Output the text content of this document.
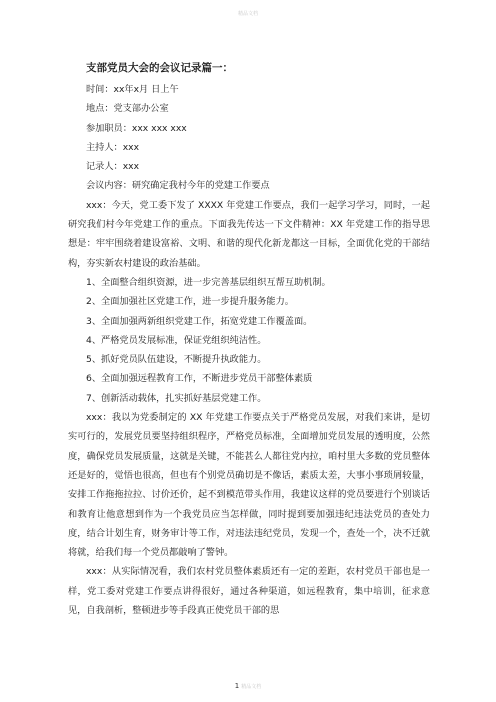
精品文档
支部党员大会的会议记录篇一：
时间：xx年x月 日上午
地点：党支部办公室
参加职员：xxx xxx xxx
主持人：xxx
记录人：xxx
会议内容：研究确定我村今年的党建工作要点

xxx：今天，党工委下发了 XXXX 年党建工作要点，我们一起学习学习，同时，一起研究我们村今年党建工作的重点。下面我先传达一下文件精神：XX 年党建工作的指导思想是：牢牢围绕着建设富裕、文明、和谐的现代化新龙都这一目标，全面优化党的干部结构，夯实新农村建设的政治基础。

1、全面整合组织资源，进一步完善基层组织互帮互助机制。
2、全面加强社区党建工作，进一步提升服务能力。
3、全面加强两新组织党建工作，拓宽党建工作覆盖面。
4、严格党员发展标准，保证党组织纯洁性。
5、抓好党员队伍建设，不断提升执政能力。
6、全面加强远程教育工作，不断进步党员干部整体素质
7、创新活动载体，扎实抓好基层党建工作。

xxx：我以为党委制定的 XX 年党建工作要点关于严格党员发展，对我们来讲，是切实可行的，发展党员要坚持组织程序，严格党员标准，全面增加党员发展的透明度，公然度，确保党员发展质量，这就是关键，不能甚么人都往党内拉，咱村里大多数的党员整体还是好的，觉悟也很高，但也有个别党员确切是不像话，素质太差，大事小事琐屑较量，安排工作拖拖拉拉、讨价还价，起不到模范带头作用，我建议这样的党员要进行个别谈话和教育让他意想到作为一个我党员应当怎样做，同时提到要加强违纪违法党员的查处力度，结合计划生育，财务审计等工作，对违法违纪党员，发现一个，查处一个，决不迁就将就，给我们每一个党员都敲响了警钟。

xxx：从实际情况看，我们农村党员整体素质还有一定的差距，农村党员干部也是一样，党工委对党建工作要点讲得很好，通过各种渠道，如远程教育，集中培训，征求意见，自我剖析，整顿进步等手段真正使党员干部的思

1 精品文档
